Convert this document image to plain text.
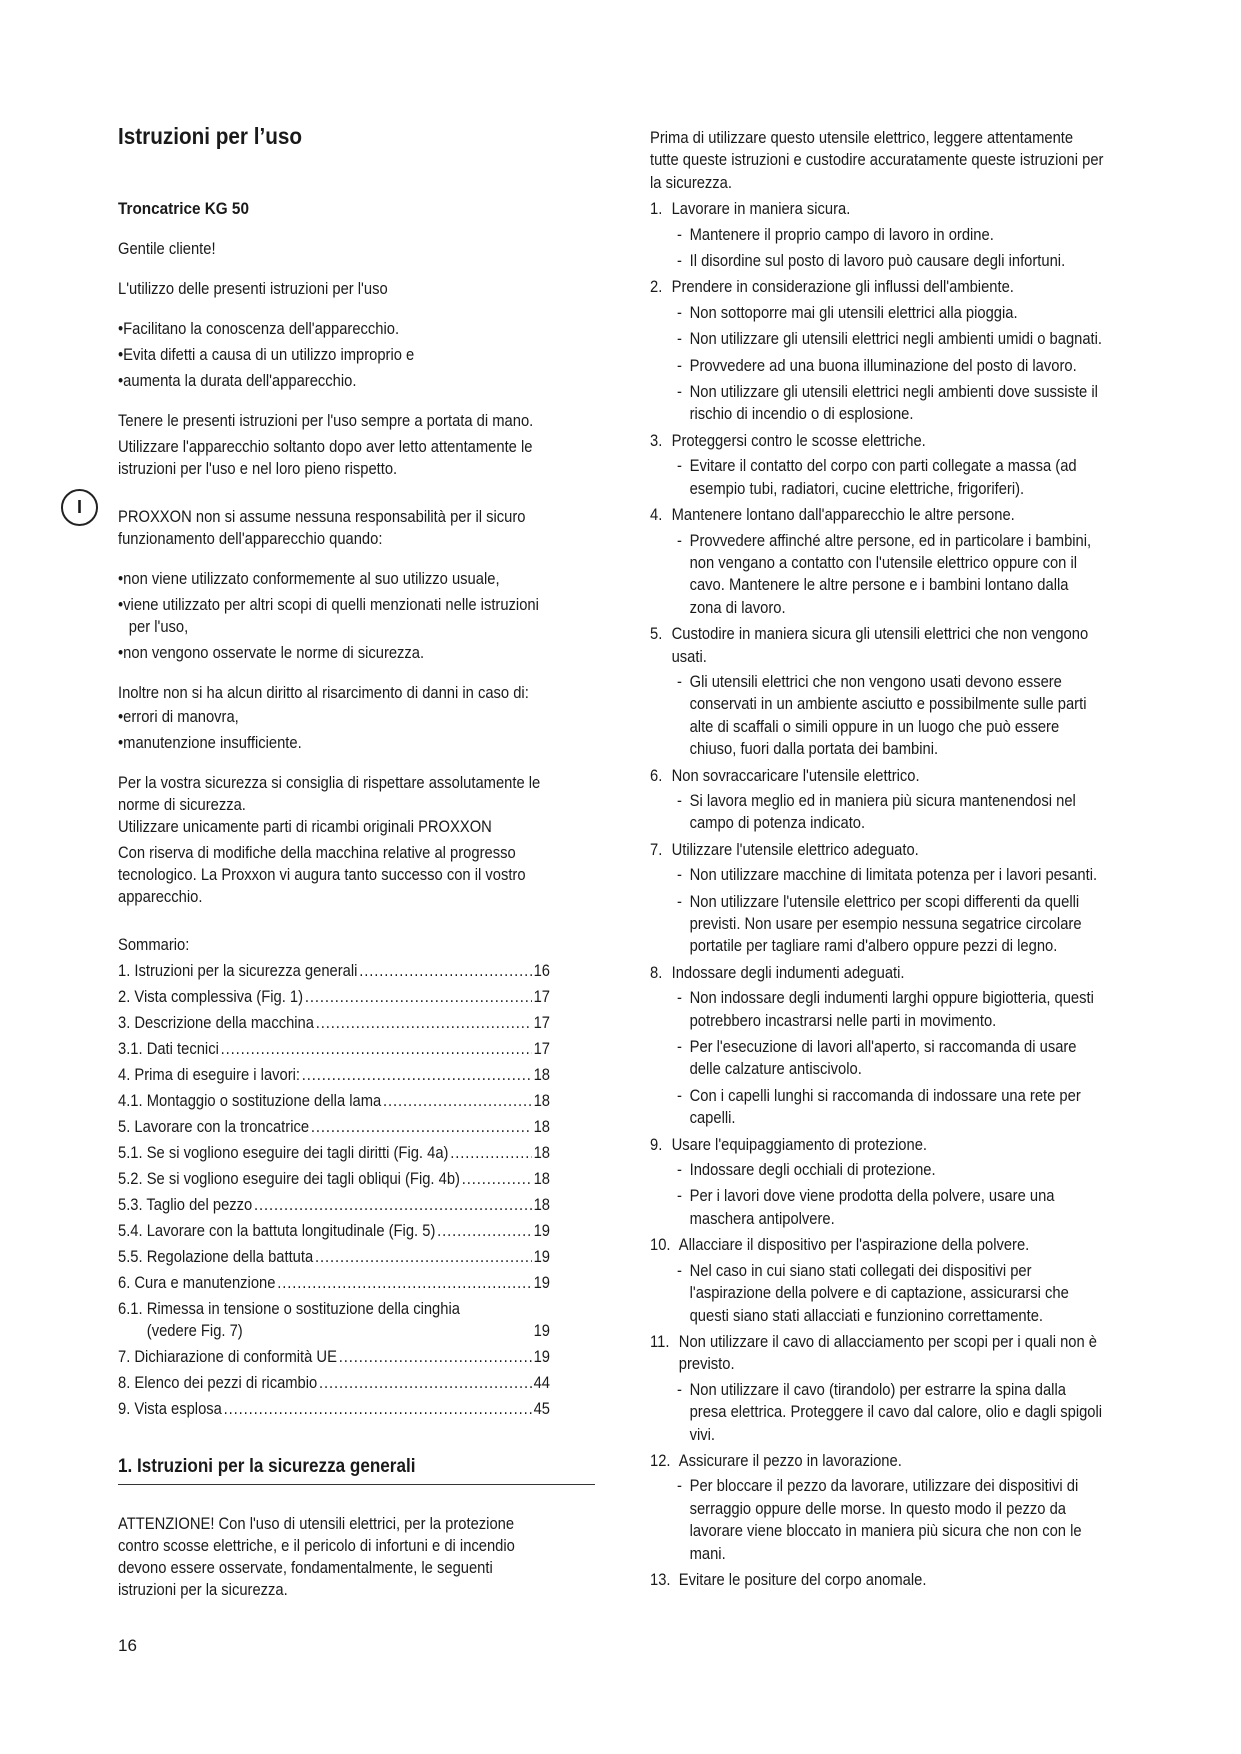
I
Istruzioni per l’uso
Troncatrice KG 50

Gentile cliente!

L'utilizzo delle presenti istruzioni per l'uso

• Facilitano la conoscenza dell'apparecchio.

• Evita difetti a causa di un utilizzo improprio e

• aumenta la durata dell'apparecchio.

Tenere le presenti istruzioni per l'uso sempre a portata di mano.

Utilizzare l'apparecchio soltanto dopo aver letto attentamente le istruzioni per l'uso e nel loro pieno rispetto.

PROXXON non si assume nessuna responsabilità per il sicuro funzionamento dell'apparecchio quando:

• non viene utilizzato conformemente al suo utilizzo usuale,

• viene utilizzato per altri scopi di quelli menzionati nelle istruzioni per l'uso,

• non vengono osservate le norme di sicurezza.

Inoltre non si ha alcun diritto al risarcimento di danni in caso di:

• errori di manovra,

• manutenzione insufficiente.

Per la vostra sicurezza si consiglia di rispettare assolutamente le norme di sicurezza.

Utilizzare unicamente parti di ricambi originali PROXXON

Con riserva di modifiche della macchina relative al progresso tecnologico. La Proxxon vi augura tanto successo con il vostro apparecchio.

Sommario:

1. Istruzioni per la sicurezza generali .....	16
2. Vista complessiva (Fig. 1) .....	17
3. Descrizione della macchina .....	17
3.1. Dati tecnici .....	17
4. Prima di eseguire i lavori: .....	18
4.1. Montaggio o sostituzione della lama .....	18
5. Lavorare con la troncatrice .....	18
5.1. Se si vogliono eseguire dei tagli diritti (Fig. 4a) .....	18
5.2. Se si vogliono eseguire dei tagli obliqui (Fig. 4b) .....	18
5.3. Taglio del pezzo .....	18
5.4. Lavorare con la battuta longitudinale (Fig. 5) .....	19
5.5. Regolazione della battuta .....	19
6. Cura e manutenzione .....	19
6.1. Rimessa in tensione o sostituzione della cinghia
(vedere Fig. 7)	19
7. Dichiarazione di conformità UE .....	19
8. Elenco dei pezzi di ricambio .....	44
9. Vista esplosa .....	45
1. Istruzioni per la sicurezza generali

ATTENZIONE! Con l'uso di utensili elettrici, per la protezione contro scosse elettriche, e il pericolo di infortuni e di incendio devono essere osservate, fondamentalmente, le seguenti istruzioni per la sicurezza.

Prima di utilizzare questo utensile elettrico, leggere attentamente tutte queste istruzioni e custodire accuratamente queste istruzioni per la sicurezza.

1. Lavorare in maniera sicura.
- Mantenere il proprio campo di lavoro in ordine.
- Il disordine sul posto di lavoro può causare degli infortuni.
2. Prendere in considerazione gli influssi dell'ambiente.
- Non sottoporre mai gli utensili elettrici alla pioggia.
- Non utilizzare gli utensili elettrici negli ambienti umidi o bagnati.
- Provvedere ad una buona illuminazione del posto di lavoro.
- Non utilizzare gli utensili elettrici negli ambienti dove sussiste il rischio di incendio o di esplosione.
3. Proteggersi contro le scosse elettriche.
- Evitare il contatto del corpo con parti collegate a massa (ad esempio tubi, radiatori, cucine elettriche, frigoriferi).
4. Mantenere lontano dall'apparecchio le altre persone.
- Provvedere affinché altre persone, ed in particolare i bambini, non vengano a contatto con l'utensile elettrico oppure con il cavo. Mantenere le altre persone e i bambini lontano dalla zona di lavoro.
5. Custodire in maniera sicura gli utensili elettrici che non vengono usati.
- Gli utensili elettrici che non vengono usati devono essere conservati in un ambiente asciutto e possibilmente sulle parti alte di scaffali o simili oppure in un luogo che può essere chiuso, fuori dalla portata dei bambini.
6. Non sovraccaricare l'utensile elettrico.
- Si lavora meglio ed in maniera più sicura mantenendosi nel campo di potenza indicato.
7. Utilizzare l'utensile elettrico adeguato.
- Non utilizzare macchine di limitata potenza per i lavori pesanti.
- Non utilizzare l'utensile elettrico per scopi differenti da quelli previsti. Non usare per esempio nessuna segatrice circolare portatile per tagliare rami d'albero oppure pezzi di legno.
8. Indossare degli indumenti adeguati.
- Non indossare degli indumenti larghi oppure bigiotteria, questi potrebbero incastrarsi nelle parti in movimento.
- Per l'esecuzione di lavori all'aperto, si raccomanda di usare delle calzature antiscivolo.
- Con i capelli lunghi si raccomanda di indossare una rete per capelli.
9. Usare l'equipaggiamento di protezione.
- Indossare degli occhiali di protezione.
- Per i lavori dove viene prodotta della polvere, usare una maschera antipolvere.
10. Allacciare il dispositivo per l'aspirazione della polvere.
- Nel caso in cui siano stati collegati dei dispositivi per l'aspirazione della polvere e di captazione, assicurarsi che questi siano stati allacciati e funzionino correttamente.
11. Non utilizzare il cavo di allacciamento per scopi per i quali non è previsto.
- Non utilizzare il cavo (tirandolo) per estrarre la spina dalla presa elettrica. Proteggere il cavo dal calore, olio e dagli spigoli vivi.
12. Assicurare il pezzo in lavorazione.
- Per bloccare il pezzo da lavorare, utilizzare dei dispositivi di serraggio oppure delle morse. In questo modo il pezzo da lavorare viene bloccato in maniera più sicura che non con le mani.
13. Evitare le positure del corpo anomale.
16
